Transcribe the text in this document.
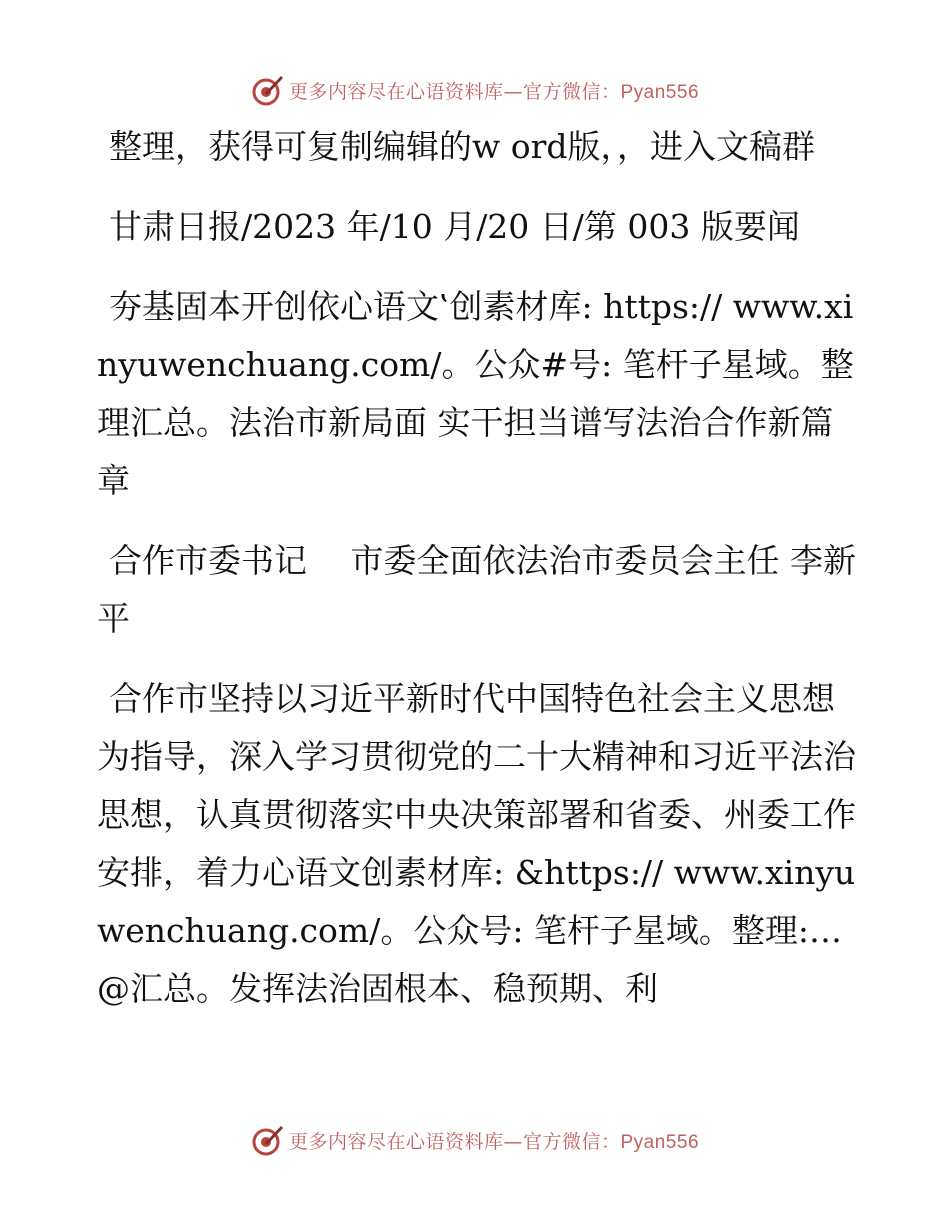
更多内容尽在心语资料库—官方微信：Pyan556

整理，获得可复制编辑的w ord版，，进入文稿群

甘肃日报/2023 年/10 月/20 日/第 003 版要闻

夯基固本开创依心语文‛创素材库: https:// www.xinyuwenchuang.com/。公众#号: 笔杆子星域。整理汇总。法治市新局面 实干担当谱写法治合作新篇章

合作市委书记　 市委全面依法治市委员会主任 李新平

合作市坚持以习近平新时代中国特色社会主义思想为指导，深入学习贯彻党的二十大精神和习近平法治思想，认真贯彻落实中央决策部署和省委、州委工作安排，着力心语文创素材库: &https:// www.xinyuwenchuang.com/。公众号: 笔杆子星域。整理:…@汇总。发挥法治固根本、稳预期、利

更多内容尽在心语资料库—官方微信：Pyan556
